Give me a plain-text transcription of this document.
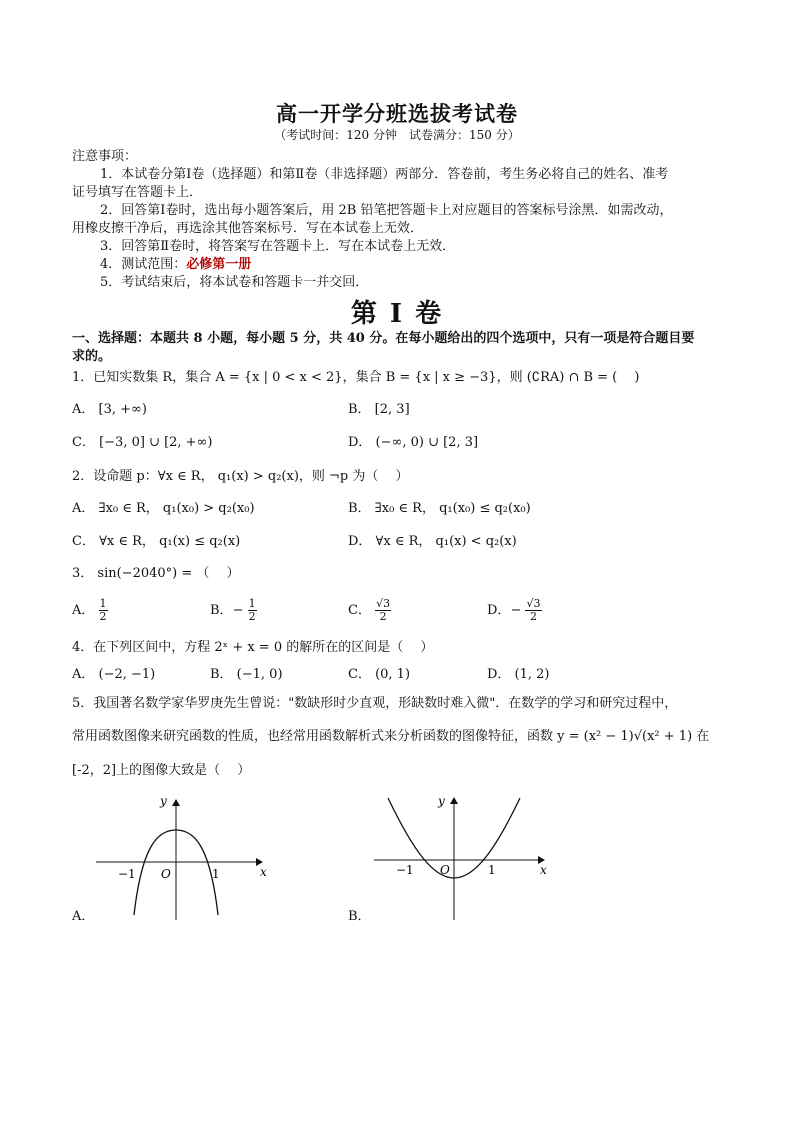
高一开学分班选拔考试卷
（考试时间：120 分钟　试卷满分：150 分）
注意事项：
1．本试卷分第Ⅰ卷（选择题）和第Ⅱ卷（非选择题）两部分．答卷前，考生务必将自己的姓名、准考
证号填写在答题卡上．
2．回答第Ⅰ卷时，选出每小题答案后，用 2B 铅笔把答题卡上对应题目的答案标号涂黑．如需改动，
用橡皮擦干净后，再选涂其他答案标号．写在本试卷上无效．
3．回答第Ⅱ卷时，将答案写在答题卡上．写在本试卷上无效．
4．测试范围：必修第一册
5．考试结束后，将本试卷和答题卡一并交回．
第 I 卷
一、选择题：本题共 8 小题，每小题 5 分，共 40 分。在每小题给出的四个选项中，只有一项是符合题目要
求的。
1．已知实数集 R，集合 A = {x | 0 < x < 2}，集合 B = {x | x ≥ −3}，则 (∁RA) ∩ B = (　 )
A． [3, +∞)	B． [2, 3]
C． [−3, 0] ∪ [2, +∞)	D． (−∞, 0) ∪ [2, 3]
2．设命题 p：∀x ∈ R， q₁(x) > q₂(x)，则 ¬p 为（　 ）
A． ∃x₀ ∈ R， q₁(x₀) > q₂(x₀)	B． ∃x₀ ∈ R， q₁(x₀) ≤ q₂(x₀)
C． ∀x ∈ R， q₁(x) ≤ q₂(x)	D． ∀x ∈ R， q₁(x) < q₂(x)
3． sin(−2040°) = （　 ）
A． $\frac{1}{2}$	B．− $\frac{1}{2}$	C． $\frac{√3}{2}$	D．− $\frac{√3}{2}$
4．在下列区间中，方程 2ˣ + x = 0 的解所在的区间是（　 ）
A． (−2, −1)	B． (−1, 0)	C． (0, 1)	D． (1, 2)
5．我国著名数学家华罗庚先生曾说："数缺形时少直观，形缺数时难入微"．在数学的学习和研究过程中，
常用函数图像来研究函数的性质，也经常用函数解析式来分析函数的图像特征，函数 y = (x² − 1)√(x² + 1) 在
[-2，2]上的图像大致是（　 ）
y
x
O
−1	1
A．
y
x
O
−1	1
B．
